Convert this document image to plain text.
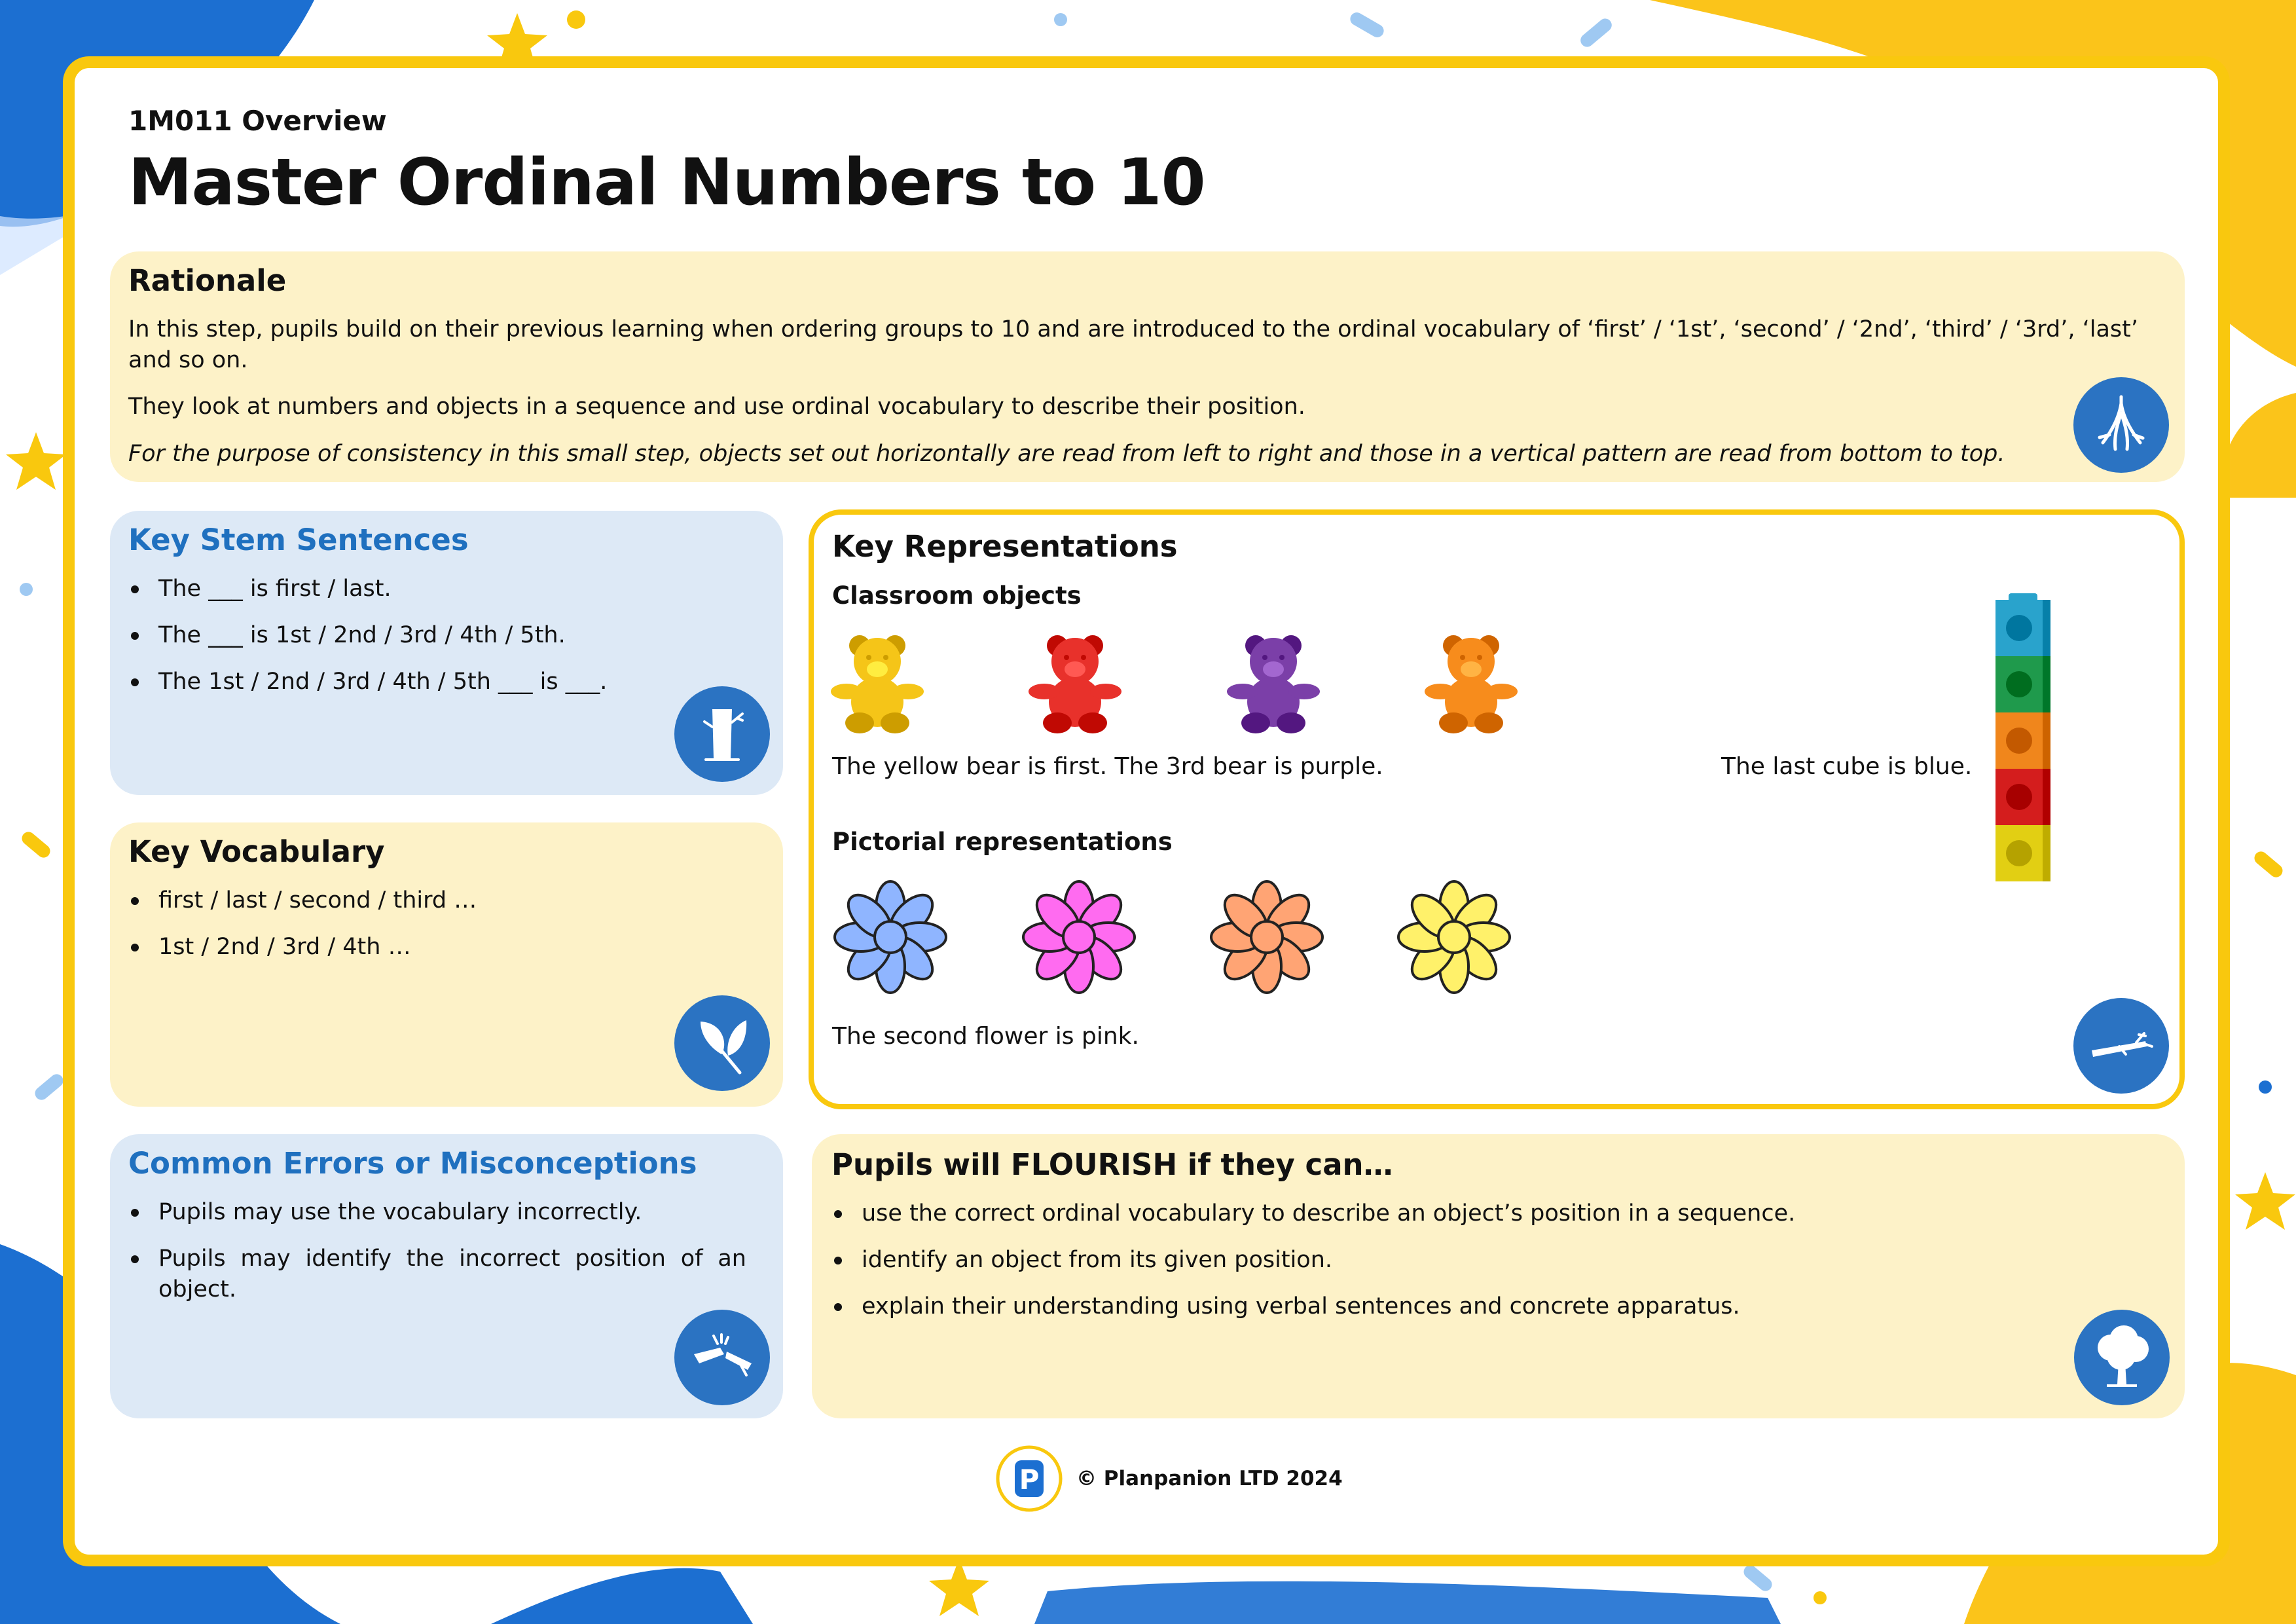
1M011 Overview
Master Ordinal Numbers to 10
Rationale

In this step, pupils build on their previous learning when ordering groups to 10 and are introduced to the ordinal vocabulary of ‘first’ / ‘1st’, ‘second’ / ‘2nd’, ‘third’ / ‘3rd’, ‘last’ and so on.

They look at numbers and objects in a sequence and use ordinal vocabulary to describe their position.

For the purpose of consistency in this small step, objects set out horizontally are read from left to right and those in a vertical pattern are read from bottom to top.

Key Stem Sentences
The ___ is first / last.
The ___ is 1st / 2nd / 3rd / 4th / 5th.
The 1st / 2nd / 3rd / 4th / 5th ___ is ___.
Key Vocabulary
first / last / second / third …
1st / 2nd / 3rd / 4th …
Common Errors or Misconceptions
Pupils may use the vocabulary incorrectly.
Pupils may identify the incorrect position of an object.
Key Representations
Classroom objects
The yellow bear is first. The 3rd bear is purple.	The last cube is blue.
Pictorial representations
The second flower is pink.
Pupils will FLOURISH if they can…
use the correct ordinal vocabulary to describe an object’s position in a sequence.
identify an object from its given position.
explain their understanding using verbal sentences and concrete apparatus.
P © Planpanion LTD 2024
